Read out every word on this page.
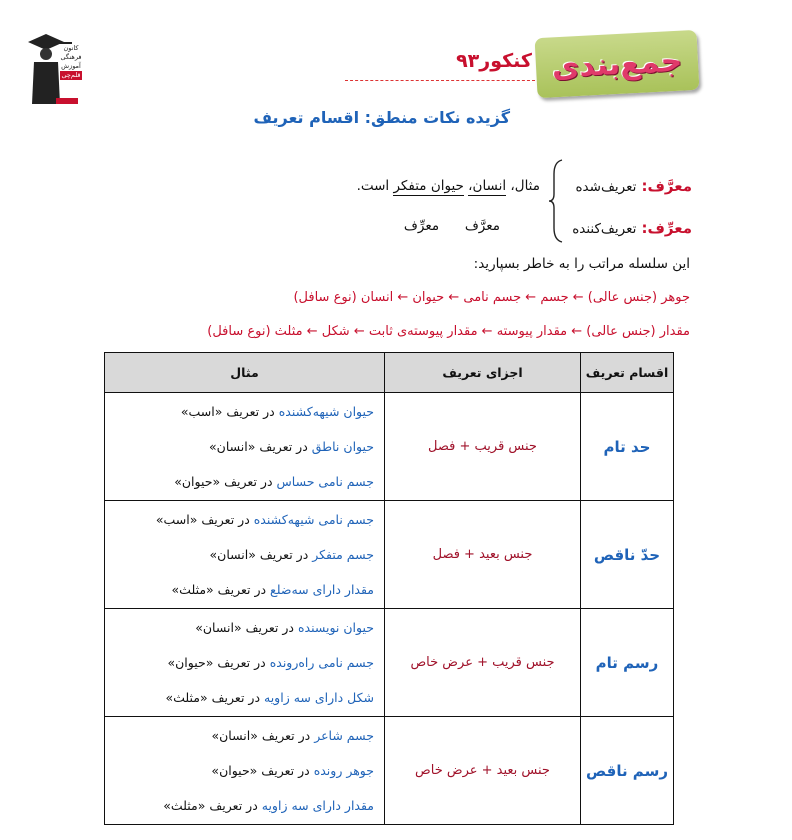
کانون
فرهنگی
آموزش
قلم‌چی	جمع‌بندی
کنکور۹۳
گزیده نکات منطق: اقسام تعریف
معرَّف: تعریف‌شده
معرِّف: تعریف‌کننده
مثال، انسان، حیوان متفکر است.
معرَّف      معرِّف
این سلسله مراتب را به خاطر بسپارید:
جوهر (جنس عالی) ← جسم ← جسم نامی ← حیوان ← انسان (نوع سافل)
مقدار (جنس عالی) ← مقدار پیوسته ← مقدار پیوسته‌ی ثابت ← شکل ← مثلث (نوع سافل)
اقسام تعریف	اجزای تعریف	مثال
حد تام	جنس قریب + فصل	حیوان شیهه‌کشنده در تعریف «اسب»
حیوان ناطق در تعریف «انسان»
جسم نامی حساس در تعریف «حیوان»

حدّ ناقص	جنس بعید + فصل	جسم نامی شیهه‌کشنده در تعریف «اسب»
جسم متفکر در تعریف «انسان»
مقدار دارای سه‌ضلع در تعریف «مثلث»

رسم تام	جنس قریب + عرض خاص	حیوان نویسنده در تعریف «انسان»
جسم نامی راه‌رونده در تعریف «حیوان»
شکل دارای سه زاویه در تعریف «مثلث»

رسم ناقص	جنس بعید + عرض خاص	جسم شاعر در تعریف «انسان»
جوهر رونده در تعریف «حیوان»
مقدار دارای سه زاویه در تعریف «مثلث»
